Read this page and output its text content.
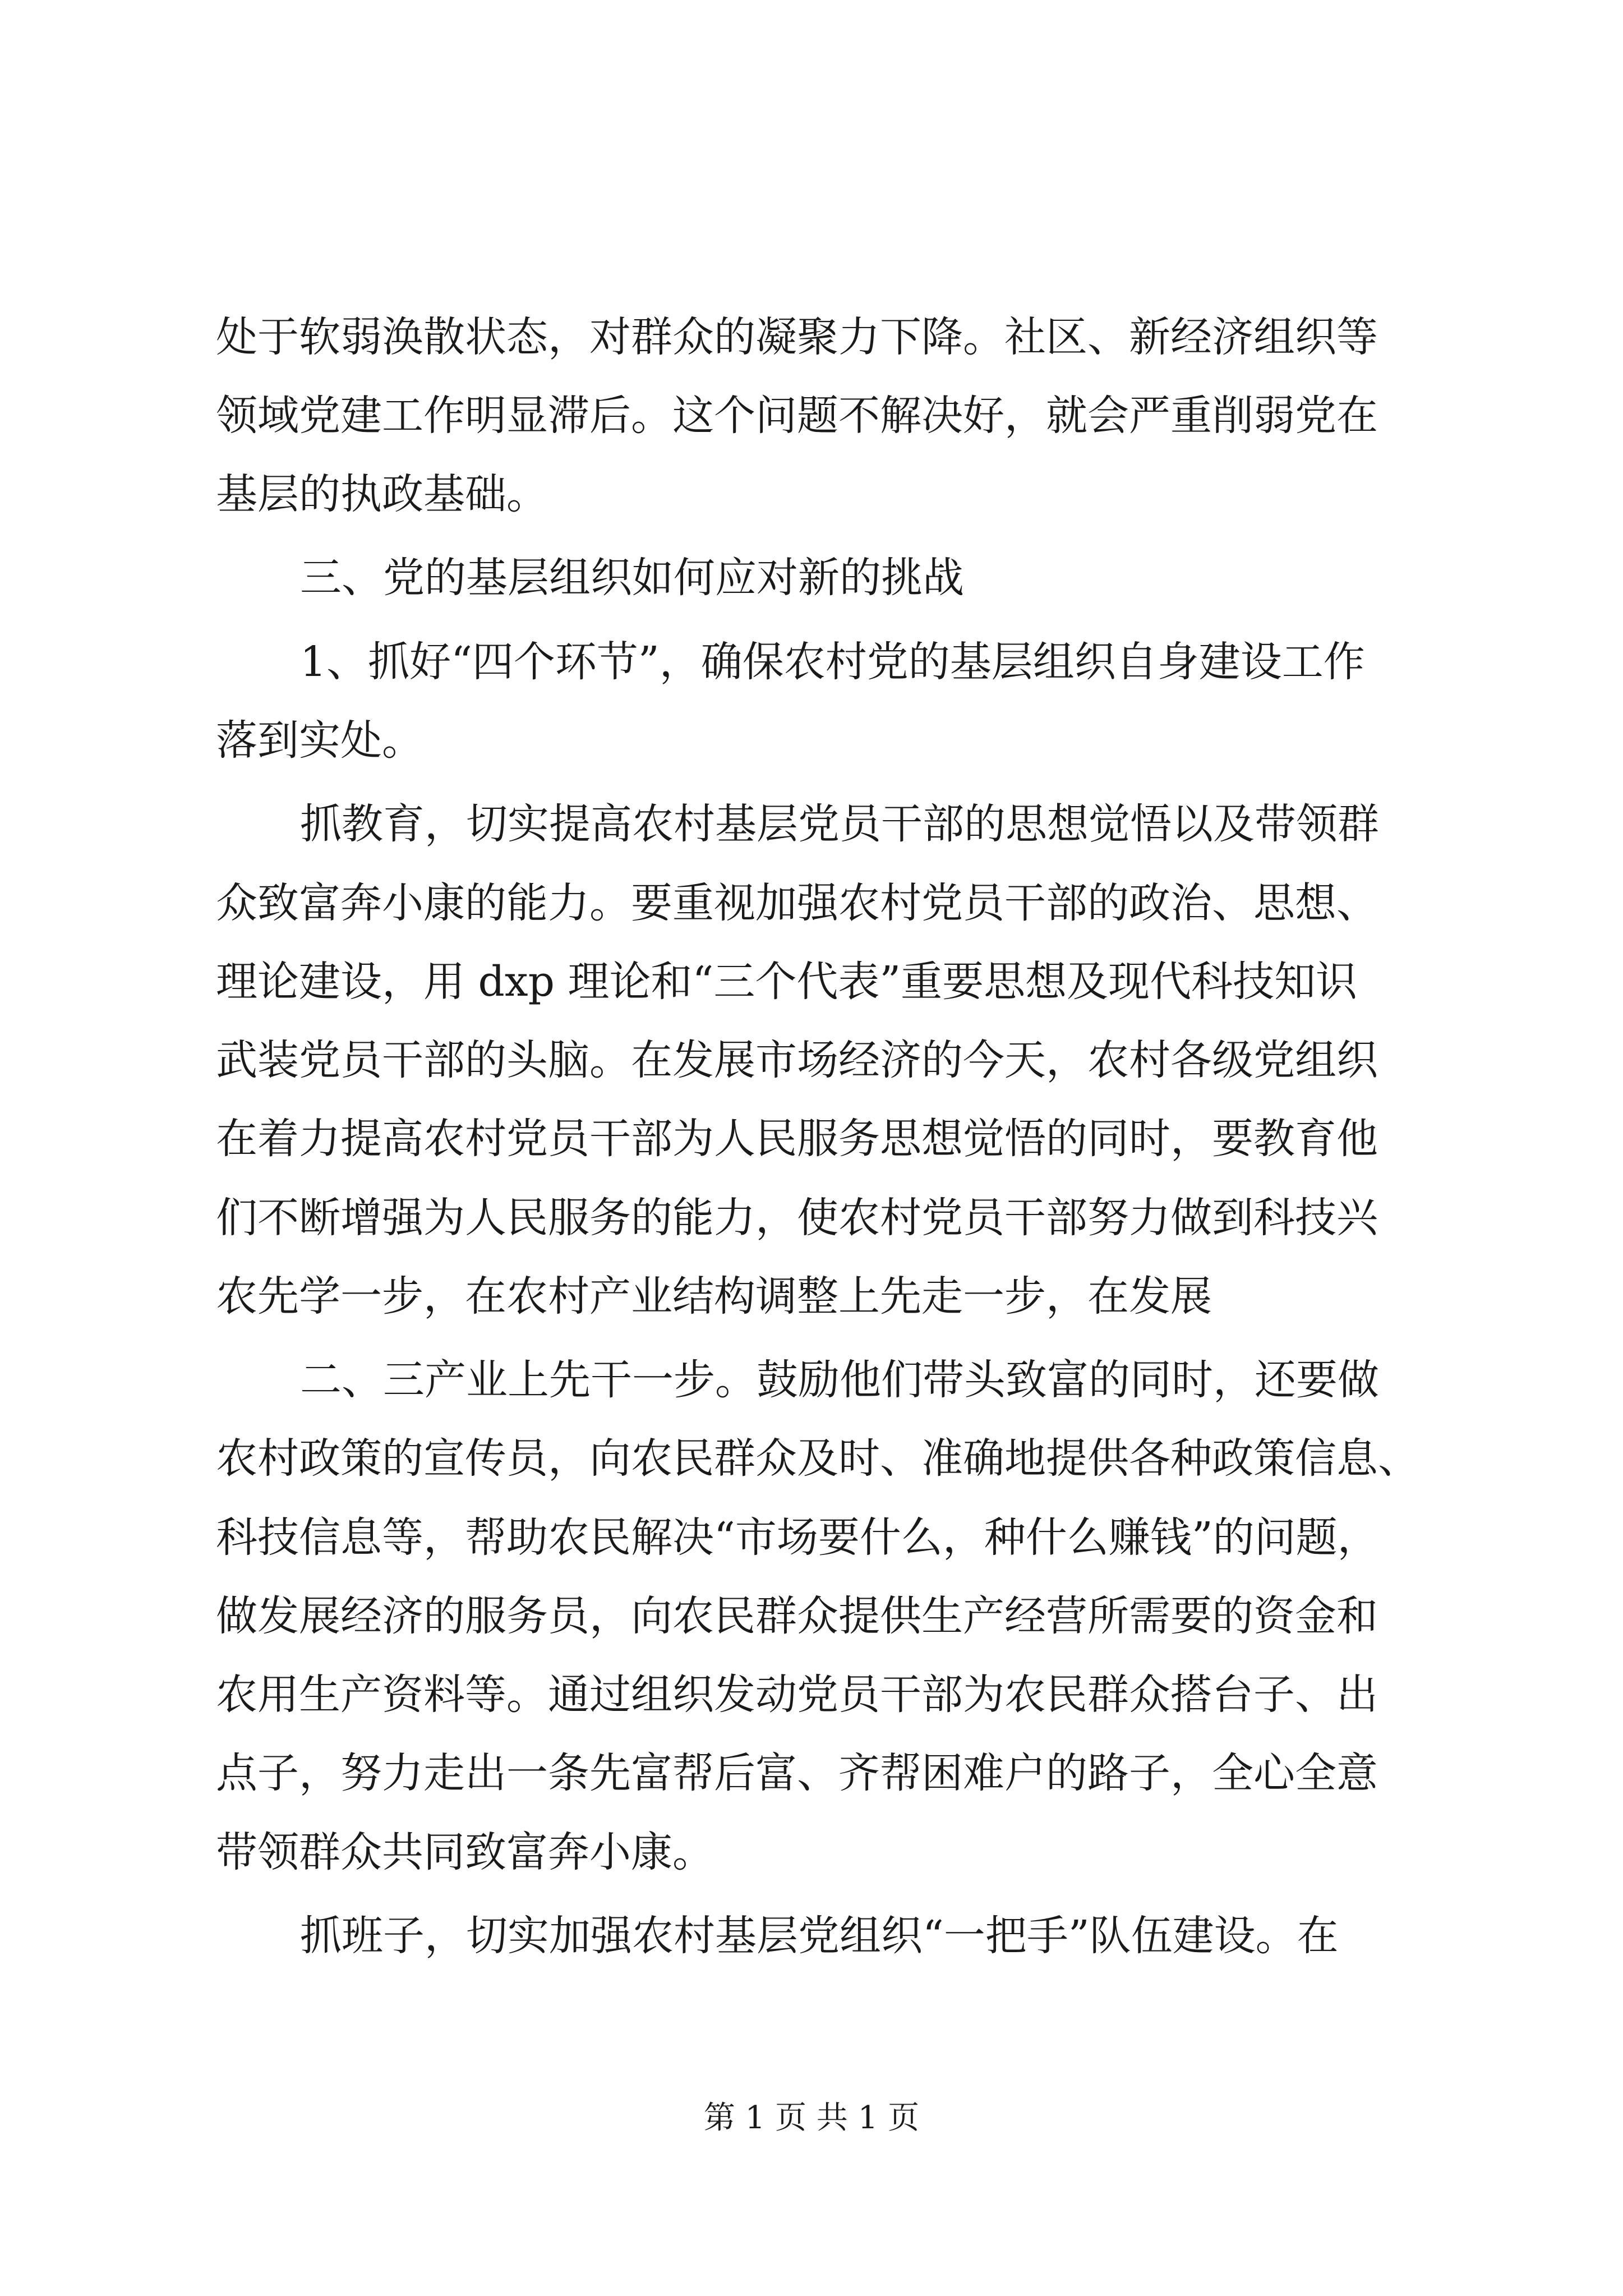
处于软弱涣散状态，对群众的凝聚力下降。社区、新经济组织等

领域党建工作明显滞后。这个问题不解决好，就会严重削弱党在

基层的执政基础。

三、党的基层组织如何应对新的挑战

1、抓好“四个环节”，确保农村党的基层组织自身建设工作

落到实处。

抓教育，切实提高农村基层党员干部的思想觉悟以及带领群

众致富奔小康的能力。要重视加强农村党员干部的政治、思想、

理论建设，用 dxp 理论和“三个代表”重要思想及现代科技知识

武装党员干部的头脑。在发展市场经济的今天，农村各级党组织

在着力提高农村党员干部为人民服务思想觉悟的同时，要教育他

们不断增强为人民服务的能力，使农村党员干部努力做到科技兴

农先学一步，在农村产业结构调整上先走一步，在发展

二、三产业上先干一步。鼓励他们带头致富的同时，还要做

农村政策的宣传员，向农民群众及时、准确地提供各种政策信息、

科技信息等，帮助农民解决“市场要什么，种什么赚钱”的问题，

做发展经济的服务员，向农民群众提供生产经营所需要的资金和

农用生产资料等。通过组织发动党员干部为农民群众搭台子、出

点子，努力走出一条先富帮后富、齐帮困难户的路子，全心全意

带领群众共同致富奔小康。

抓班子，切实加强农村基层党组织“一把手”队伍建设。在

第 1 页 共 1 页
